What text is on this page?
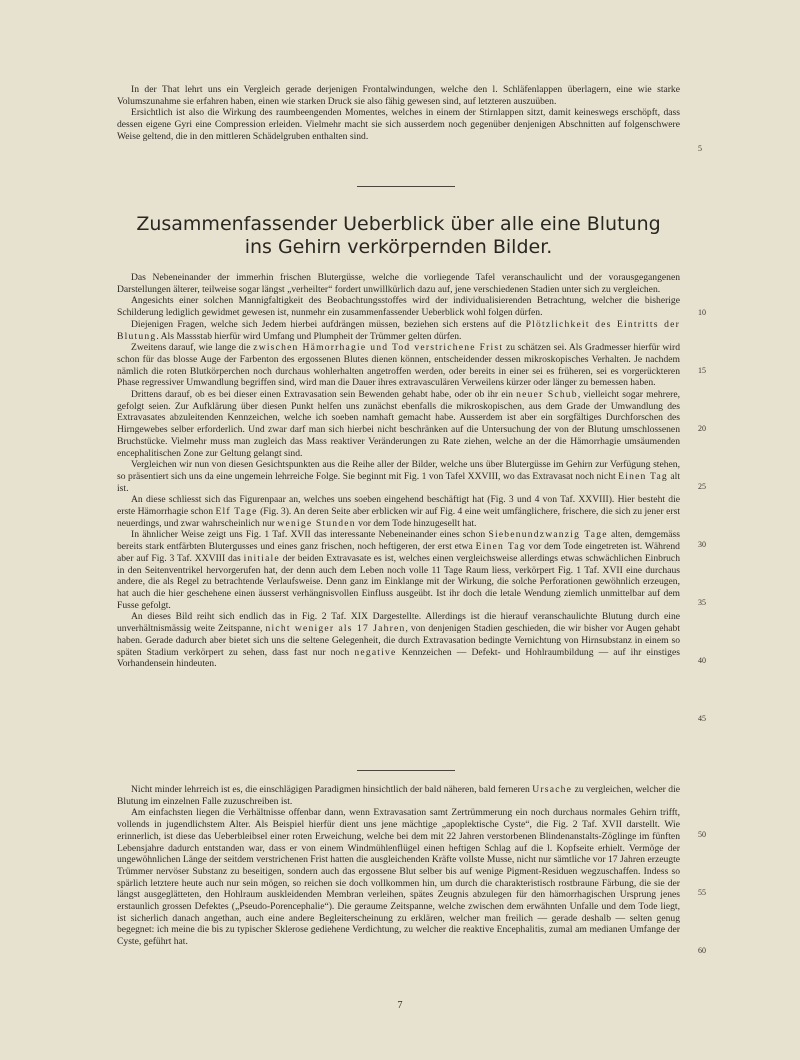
In der That lehrt uns ein Vergleich gerade derjenigen Frontalwindungen, welche den l. Schläfenlappen überlagern, eine wie starke Volumszunahme sie erfahren haben, einen wie starken Druck sie also fähig gewesen sind, auf letzteren auszuüben.

Ersichtlich ist also die Wirkung des raumbeengenden Momentes, welches in einem der Stirnlappen sitzt, damit keineswegs erschöpft, dass dessen eigene Gyri eine Compression erleiden. Vielmehr macht sie sich ausserdem noch gegenüber denjenigen Abschnitten auf folgenschwere Weise geltend, die in den mittleren Schädelgruben enthalten sind.

5
Zusammenfassender Ueberblick über alle eine Blutung
ins Gehirn verkörpernden Bilder.

Das Nebeneinander der immerhin frischen Blutergüsse, welche die vorliegende Tafel veranschaulicht und der vorausgegangenen Darstellungen älterer, teilweise sogar längst „verheilter“ fordert unwillkürlich dazu auf, jene verschiedenen Stadien unter sich zu vergleichen.

Angesichts einer solchen Mannigfaltigkeit des Beobachtungsstoffes wird der individualisierenden Betrachtung, welcher die bisherige Schilderung lediglich gewidmet gewesen ist, nunmehr ein zusammenfassender Ueberblick wohl folgen dürfen.

Diejenigen Fragen, welche sich Jedem hierbei aufdrängen müssen, beziehen sich erstens auf die Plötzlichkeit des Eintritts der Blutung. Als Massstab hierfür wird Umfang und Plumpheit der Trümmer gelten dürfen.

Zweitens darauf, wie lange die zwischen Hämorrhagie und Tod verstrichene Frist zu schätzen sei. Als Gradmesser hierfür wird schon für das blosse Auge der Farbenton des ergossenen Blutes dienen können, entscheidender dessen mikroskopisches Verhalten. Je nachdem nämlich die roten Blutkörperchen noch durchaus wohlerhalten angetroffen werden, oder bereits in einer sei es früheren, sei es vorgerückteren Phase regressiver Umwandlung begriffen sind, wird man die Dauer ihres extravasculären Verweilens kürzer oder länger zu bemessen haben.

Drittens darauf, ob es bei dieser einen Extravasation sein Bewenden gehabt habe, oder ob ihr ein neuer Schub, vielleicht sogar mehrere, gefolgt seien. Zur Aufklärung über diesen Punkt helfen uns zunächst ebenfalls die mikroskopischen, aus dem Grade der Umwandlung des Extravasates abzuleitenden Kennzeichen, welche ich soeben namhaft gemacht habe. Ausserdem ist aber ein sorgfältiges Durchforschen des Hirngewebes selber erforderlich. Und zwar darf man sich hierbei nicht beschränken auf die Untersuchung der von der Blutung umschlossenen Bruchstücke. Vielmehr muss man zugleich das Mass reaktiver Veränderungen zu Rate ziehen, welche an der die Hämorrhagie umsäumenden encephalitischen Zone zur Geltung gelangt sind.

Vergleichen wir nun von diesen Gesichtspunkten aus die Reihe aller der Bilder, welche uns über Blutergüsse im Gehirn zur Verfügung stehen, so präsentiert sich uns da eine ungemein lehrreiche Folge. Sie beginnt mit Fig. 1 von Tafel XXVIII, wo das Extravasat noch nicht Einen Tag alt ist.

An diese schliesst sich das Figurenpaar an, welches uns soeben eingehend beschäftigt hat (Fig. 3 und 4 von Taf. XXVIII). Hier besteht die erste Hämorrhagie schon Elf Tage (Fig. 3). An deren Seite aber erblicken wir auf Fig. 4 eine weit umfänglichere, frischere, die sich zu jener erst neuerdings, und zwar wahrscheinlich nur wenige Stunden vor dem Tode hinzugesellt hat.

In ähnlicher Weise zeigt uns Fig. 1 Taf. XVII das interessante Nebeneinander eines schon Siebenundzwanzig Tage alten, demgemäss bereits stark entfärbten Blutergusses und eines ganz frischen, noch heftigeren, der erst etwa Einen Tag vor dem Tode eingetreten ist. Während aber auf Fig. 3 Taf. XXVIII das initiale der beiden Extravasate es ist, welches einen vergleichsweise allerdings etwas schwächlichen Einbruch in den Seitenventrikel hervorgerufen hat, der denn auch dem Leben noch volle 11 Tage Raum liess, verkörpert Fig. 1 Taf. XVII eine durchaus andere, die als Regel zu betrachtende Verlaufsweise. Denn ganz im Einklange mit der Wirkung, die solche Perforationen gewöhnlich erzeugen, hat auch die hier geschehene einen äusserst verhängnisvollen Einfluss ausgeübt. Ist ihr doch die letale Wendung ziemlich unmittelbar auf dem Fusse gefolgt.

An dieses Bild reiht sich endlich das in Fig. 2 Taf. XIX Dargestellte. Allerdings ist die hierauf veranschaulichte Blutung durch eine unverhältnismässig weite Zeitspanne, nicht weniger als 17 Jahren, von denjenigen Stadien geschieden, die wir bisher vor Augen gehabt haben. Gerade dadurch aber bietet sich uns die seltene Gelegenheit, die durch Extravasation bedingte Vernichtung von Hirnsubstanz in einem so späten Stadium verkörpert zu sehen, dass fast nur noch negative Kennzeichen — Defekt- und Hohlraumbildung — auf ihr einstiges Vorhandensein hindeuten.

10
15
20
25
30
35
40
45

Nicht minder lehrreich ist es, die einschlägigen Paradigmen hinsichtlich der bald näheren, bald ferneren Ursache zu vergleichen, welcher die Blutung im einzelnen Falle zuzuschreiben ist.

Am einfachsten liegen die Verhältnisse offenbar dann, wenn Extravasation samt Zertrümmerung ein noch durchaus normales Gehirn trifft, vollends in jugendlichstem Alter. Als Beispiel hierfür dient uns jene mächtige „apoplektische Cyste“, die Fig. 2 Taf. XVII darstellt. Wie erinnerlich, ist diese das Ueberbleibsel einer roten Erweichung, welche bei dem mit 22 Jahren verstorbenen Blindenanstalts-Zöglinge im fünften Lebensjahre dadurch entstanden war, dass er von einem Windmühlenflügel einen heftigen Schlag auf die l. Kopfseite erhielt. Vermöge der ungewöhnlichen Länge der seitdem verstrichenen Frist hatten die ausgleichenden Kräfte vollste Musse, nicht nur sämtliche vor 17 Jahren erzeugte Trümmer nervöser Substanz zu beseitigen, sondern auch das ergossene Blut selber bis auf wenige Pigment-Residuen wegzuschaffen. Indess so spärlich letztere heute auch nur sein mögen, so reichen sie doch vollkommen hin, um durch die charakteristisch rostbraune Färbung, die sie der längst ausgeglätteten, den Hohlraum auskleidenden Membran verleihen, spätes Zeugnis abzulegen für den hämorrhagischen Ursprung jenes erstaunlich grossen Defektes („Pseudo-Porencephalie“). Die geraume Zeitspanne, welche zwischen dem erwähnten Unfalle und dem Tode liegt, ist sicherlich danach angethan, auch eine andere Begleiterscheinung zu erklären, welcher man freilich — gerade deshalb — selten genug begegnet: ich meine die bis zu typischer Sklerose gediehene Verdichtung, zu welcher die reaktive Encephalitis, zumal am medianen Umfange der Cyste, geführt hat.

50
55
60
7
